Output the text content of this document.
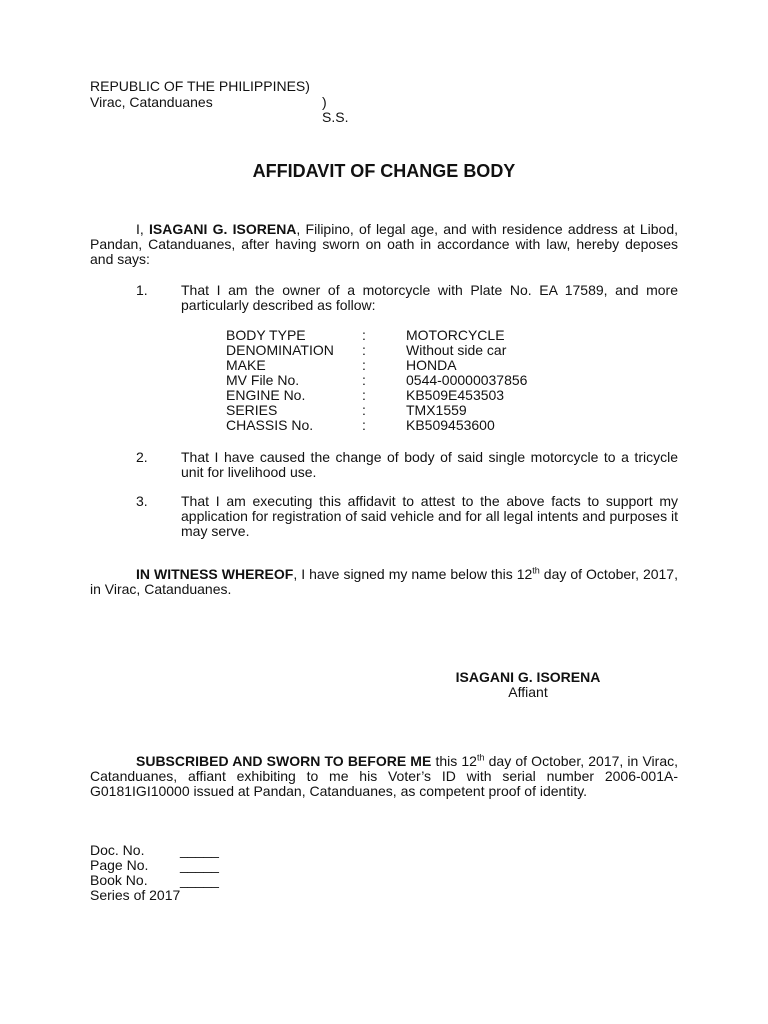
REPUBLIC OF THE PHILIPPINES)
Virac, Catanduanes	) S.S.
AFFIDAVIT OF CHANGE BODY
I, ISAGANI G. ISORENA, Filipino, of legal age, and with residence address at Libod, Pandan, Catanduanes, after having sworn on oath in accordance with law, hereby deposes and says:
1. That I am the owner of a motorcycle with Plate No. EA 17589, and more particularly described as follow:
BODY TYPE	:	MOTORCYCLE
DENOMINATION :	Without side car
MAKE	:	HONDA
MV File No.	:	0544-00000037856
ENGINE No.	:	KB509E453503
SERIES	:	TMX1559
CHASSIS No.	:	KB509453600
2. That I have caused the change of body of said single motorcycle to a tricycle unit for livelihood use.
3. That I am executing this affidavit to attest to the above facts to support my application for registration of said vehicle and for all legal intents and purposes it may serve.
IN WITNESS WHEREOF, I have signed my name below this 12th day of October, 2017, in Virac, Catanduanes.
ISAGANI G. ISORENA
Affiant
SUBSCRIBED AND SWORN TO BEFORE ME this 12th day of October, 2017, in Virac, Catanduanes, affiant exhibiting to me his Voter’s ID with serial number 2006-001A-G0181IGI10000 issued at Pandan, Catanduanes, as competent proof of identity.
Doc. No.	_____
Page No. _____
Book No. _____
Series of 2017
